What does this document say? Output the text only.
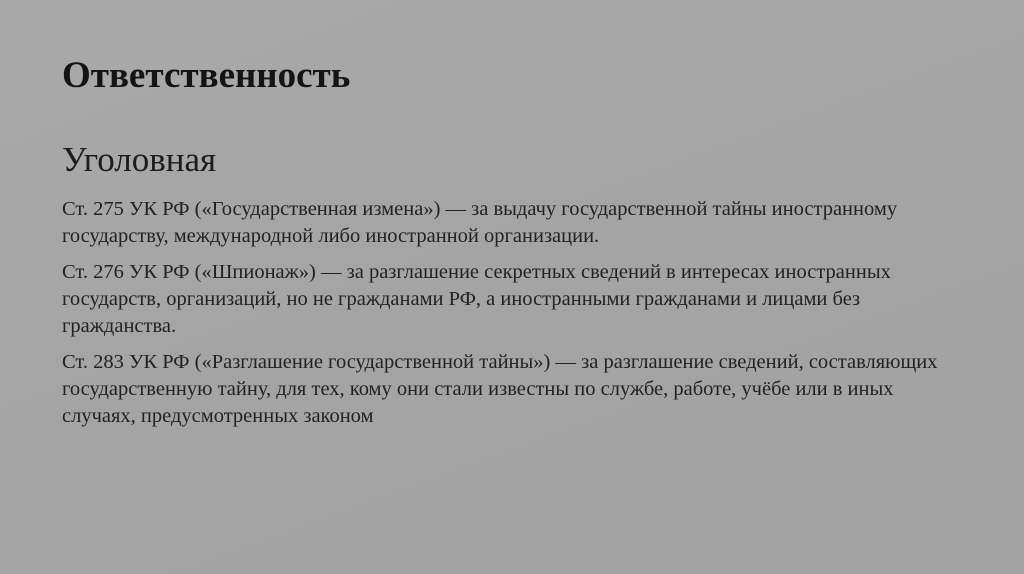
Ответственность
Уголовная

Ст. 275 УК РФ («Государственная измена») — за выдачу государственной тайны иностранному государству, международной либо иностранной организации.

Ст. 276 УК РФ («Шпионаж») — за разглашение секретных сведений в интересах иностранных государств, организаций, но не гражданами РФ, а иностранными гражданами и лицами без гражданства.

Ст. 283 УК РФ («Разглашение государственной тайны») — за разглашение сведений, составляющих государственную тайну, для тех, кому они стали известны по службе, работе, учёбе или в иных случаях, предусмотренных законом
